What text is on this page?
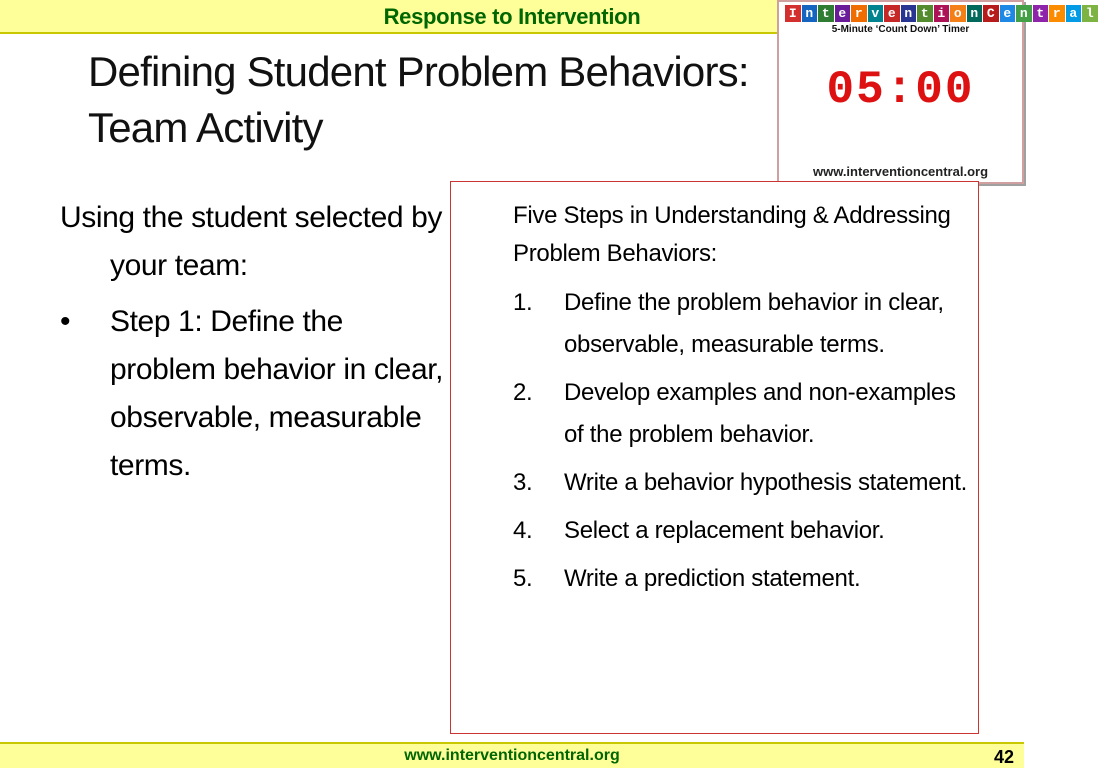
Response to Intervention
Defining Student Problem Behaviors:
Team Activity
I n t e r v e n t i o n C e n t r a l
5-Minute ‘Count Down’ Timer
05:00
www.interventioncentral.org
Using the student selected by your team:
• Step 1: Define the problem behavior in clear, observable, measurable terms.
Five Steps in Understanding & Addressing Problem Behaviors:
1. Define the problem behavior in clear, observable, measurable terms.
2. Develop examples and non-examples of the problem behavior.
3. Write a behavior hypothesis statement.
4. Select a replacement behavior.
5. Write a prediction statement.
www.interventioncentral.org	42
